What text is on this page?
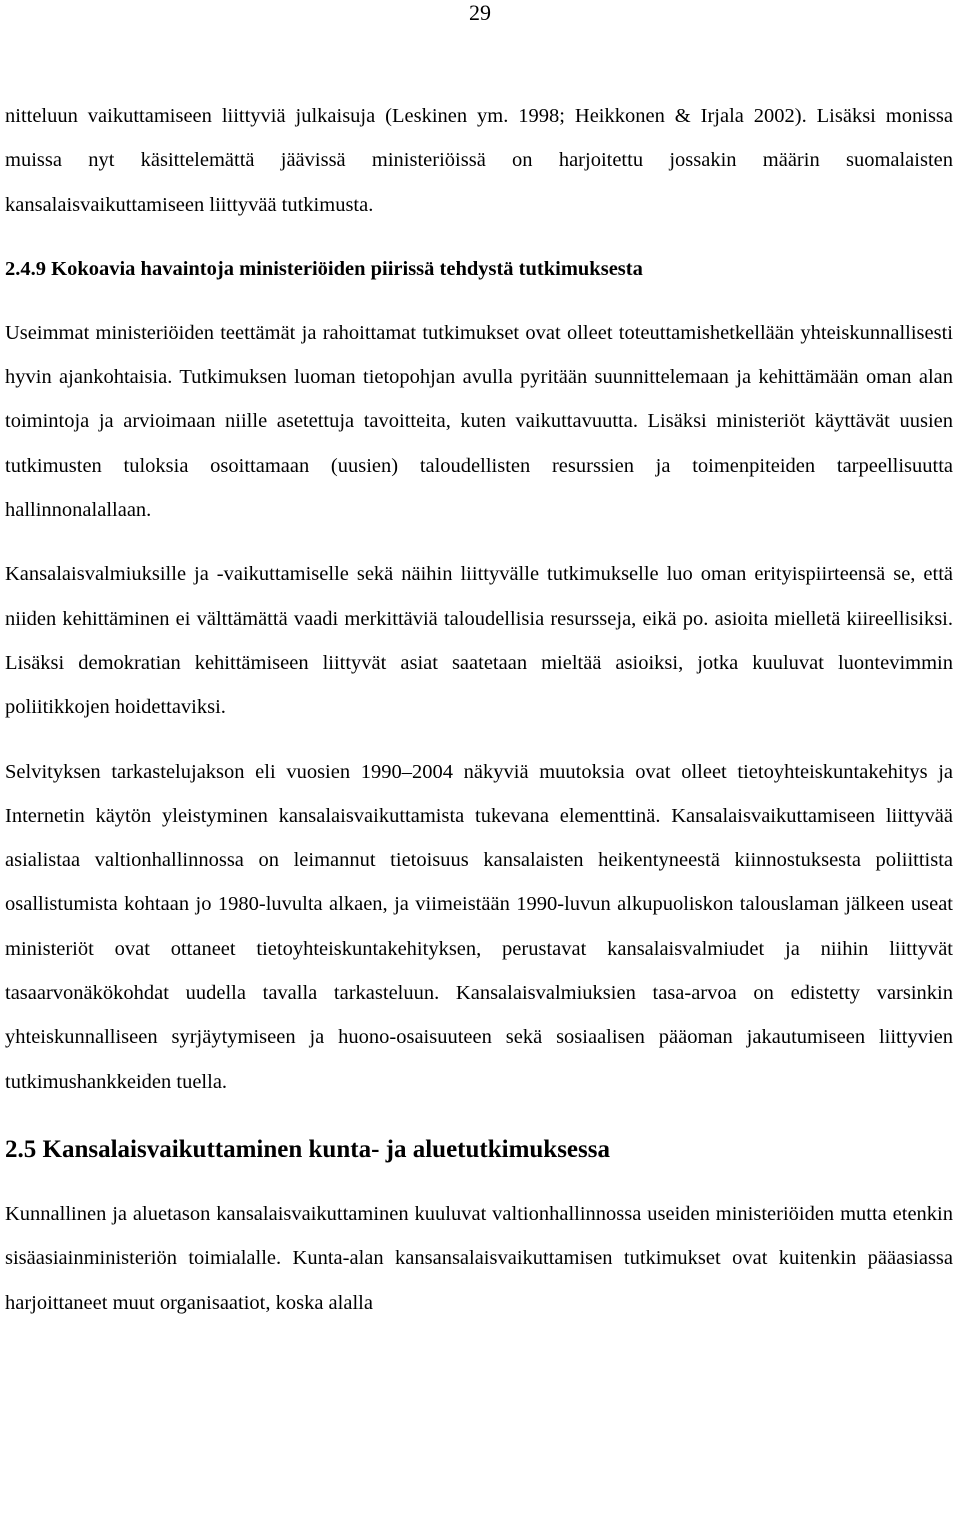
29

nitteluun vaikuttamiseen liittyviä julkaisuja (Leskinen ym. 1998; Heikkonen & Irjala 2002). Lisäksi monissa muissa nyt käsittelemättä jäävissä ministeriöissä on harjoitettu jossakin määrin suomalaisten kansalaisvaikuttamiseen liittyvää tutkimusta.

2.4.9 Kokoavia havaintoja ministeriöiden piirissä tehdystä tutkimuksesta

Useimmat ministeriöiden teettämät ja rahoittamat tutkimukset ovat olleet toteuttamishetkellään yhteiskunnallisesti hyvin ajankohtaisia. Tutkimuksen luoman tietopohjan avulla pyritään suunnittelemaan ja kehittämään oman alan toimintoja ja arvioimaan niille asetettuja tavoitteita, kuten vaikuttavuutta. Lisäksi ministeriöt käyttävät uusien tutkimusten tuloksia osoittamaan (uusien) taloudellisten resurssien ja toimenpiteiden tarpeellisuutta hallinnonalallaan.

Kansalaisvalmiuksille ja -vaikuttamiselle sekä näihin liittyvälle tutkimukselle luo oman erityispiirteensä se, että niiden kehittäminen ei välttämättä vaadi merkittäviä taloudellisia resursseja, eikä po. asioita mielletä kiireellisiksi. Lisäksi demokratian kehittämiseen liittyvät asiat saatetaan mieltää asioiksi, jotka kuuluvat luontevimmin poliitikkojen hoidettaviksi.

Selvityksen tarkastelujakson eli vuosien 1990–2004 näkyviä muutoksia ovat olleet tietoyhteiskuntakehitys ja Internetin käytön yleistyminen kansalaisvaikuttamista tukevana elementtinä. Kansalaisvaikuttamiseen liittyvää asialistaa valtionhallinnossa on leimannut tietoisuus kansalaisten heikentyneestä kiinnostuksesta poliittista osallistumista kohtaan jo 1980-luvulta alkaen, ja viimeistään 1990-luvun alkupuoliskon talouslaman jälkeen useat ministeriöt ovat ottaneet tietoyhteiskuntakehityksen, perustavat kansalaisvalmiudet ja niihin liittyvät tasaarvonäkökohdat uudella tavalla tarkasteluun. Kansalaisvalmiuksien tasa-arvoa on edistetty varsinkin yhteiskunnalliseen syrjäytymiseen ja huono-osaisuuteen sekä sosiaalisen pääoman jakautumiseen liittyvien tutkimushankkeiden tuella.

2.5 Kansalaisvaikuttaminen kunta- ja aluetutkimuksessa

Kunnallinen ja aluetason kansalaisvaikuttaminen kuuluvat valtionhallinnossa useiden ministeriöiden mutta etenkin sisäasiainministeriön toimialalle. Kunta-alan kansansalaisvaikuttamisen tutkimukset ovat kuitenkin pääasiassa harjoittaneet muut organisaatiot, koska alalla
